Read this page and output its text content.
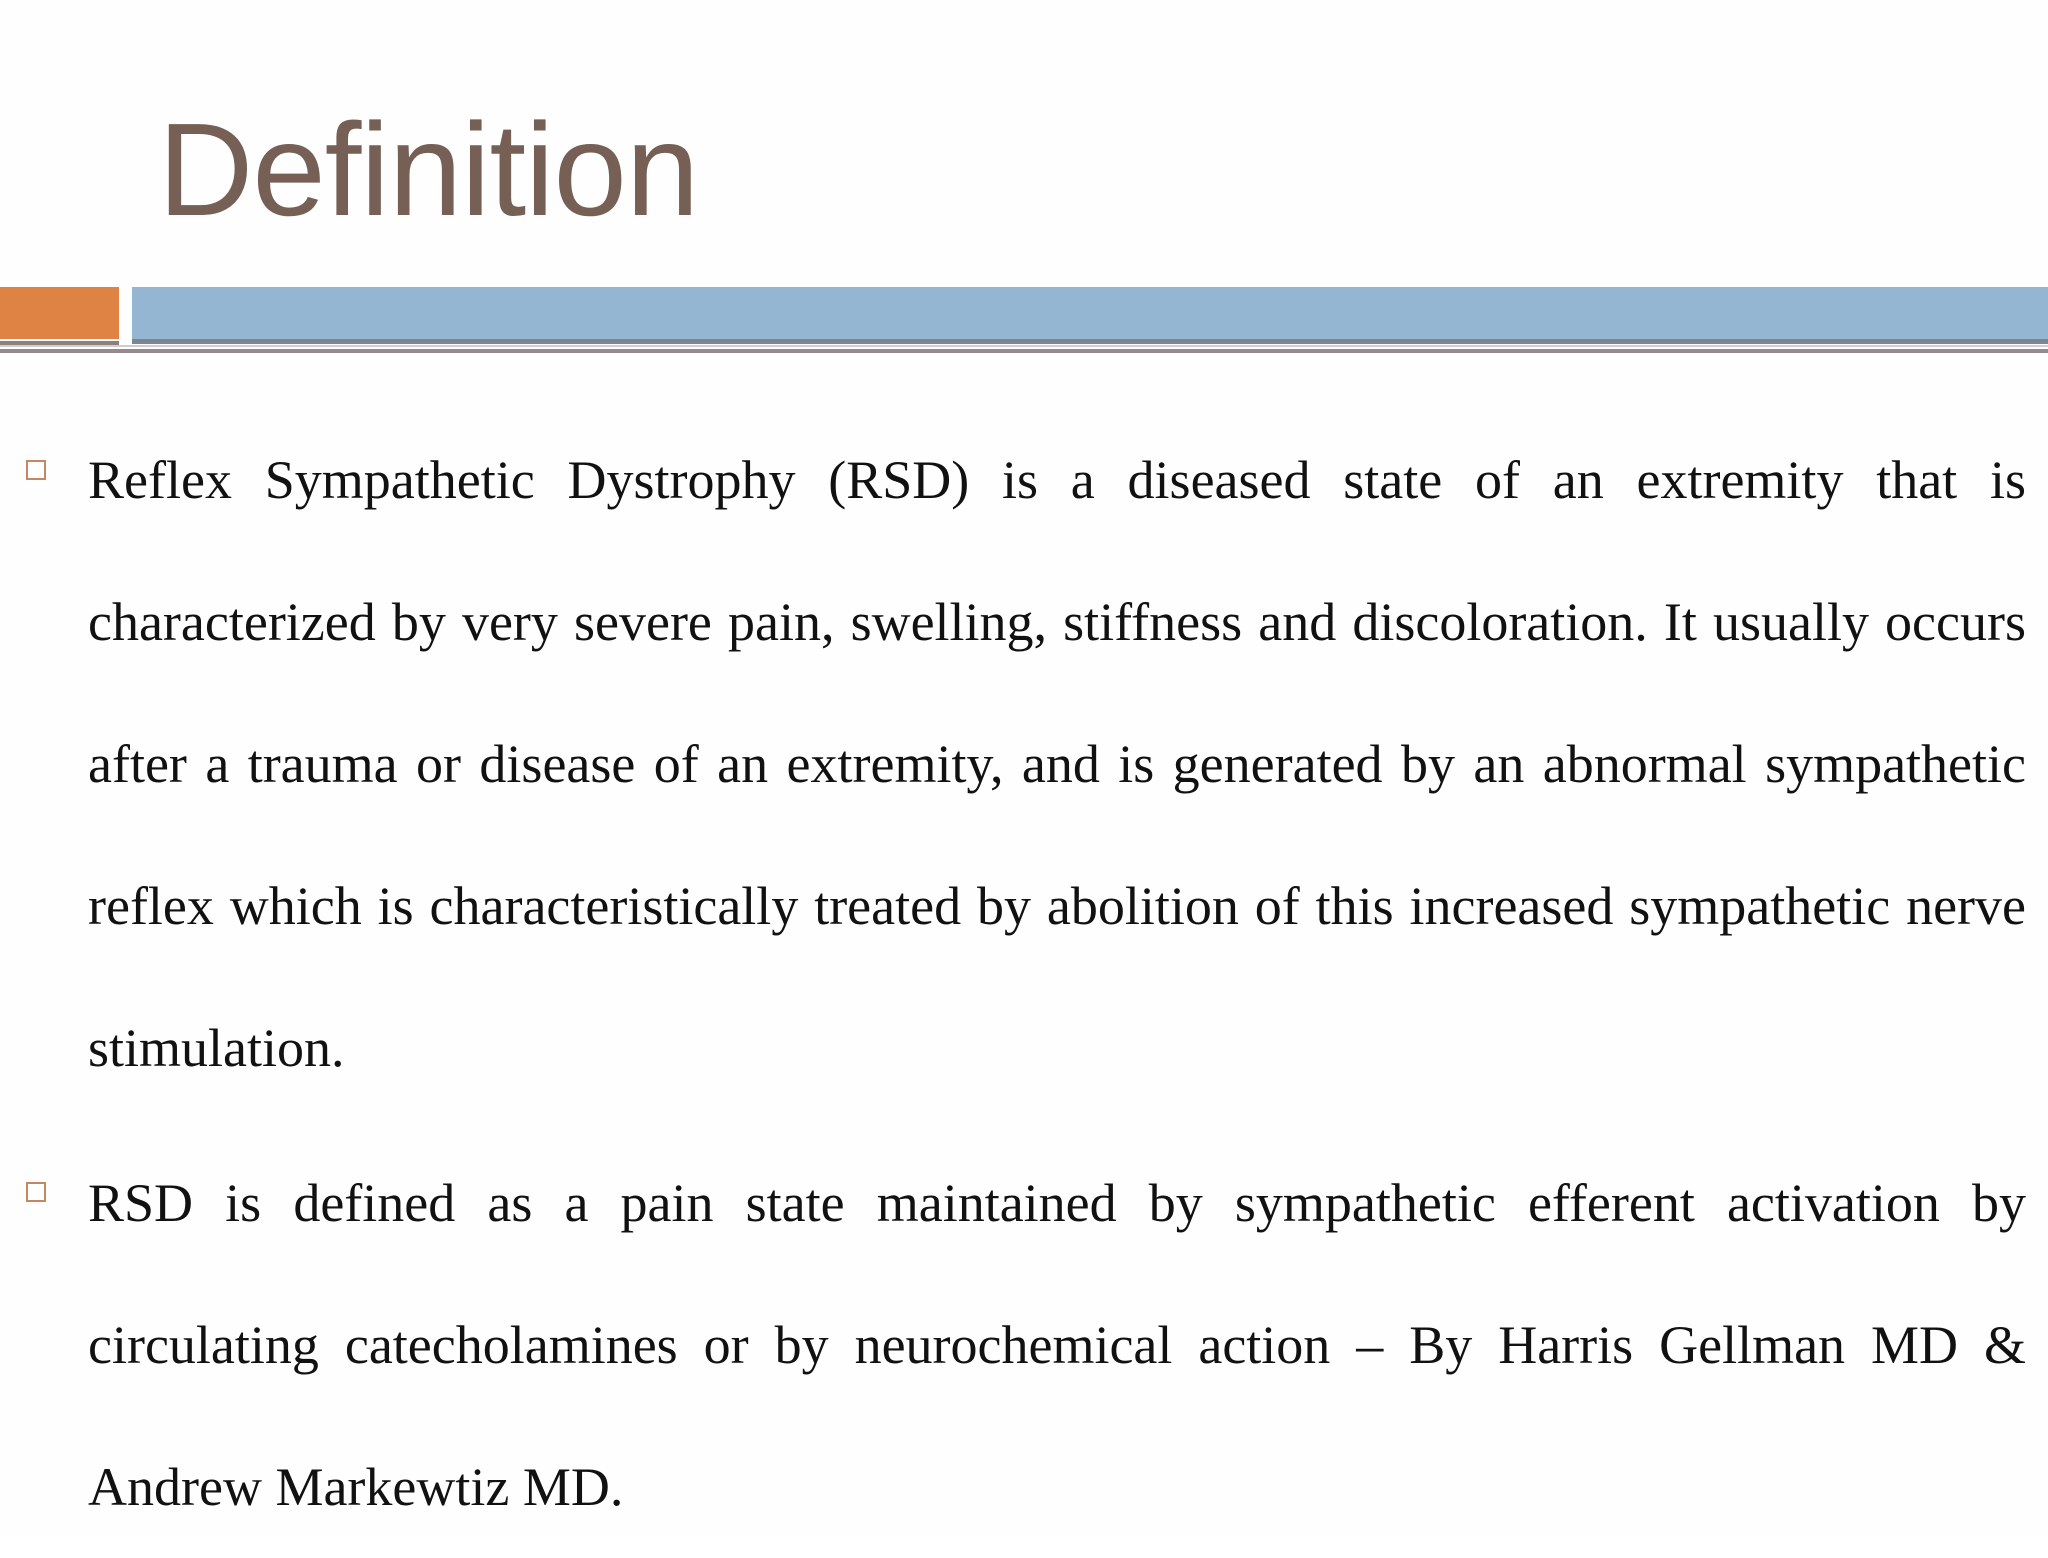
Definition

Reflex Sympathetic Dystrophy (RSD) is a diseased state of an extremity that is characterized by very severe pain, swelling, stiffness and discoloration. It usually occurs after a trauma or disease of an extremity, and is generated by an abnormal sympathetic reflex which is characteristically treated by abolition of this increased sympathetic nerve stimulation.

RSD is defined as a pain state maintained by sympathetic efferent activation by circulating catecholamines or by neurochemical action – By Harris Gellman MD & Andrew Markewtiz MD.
